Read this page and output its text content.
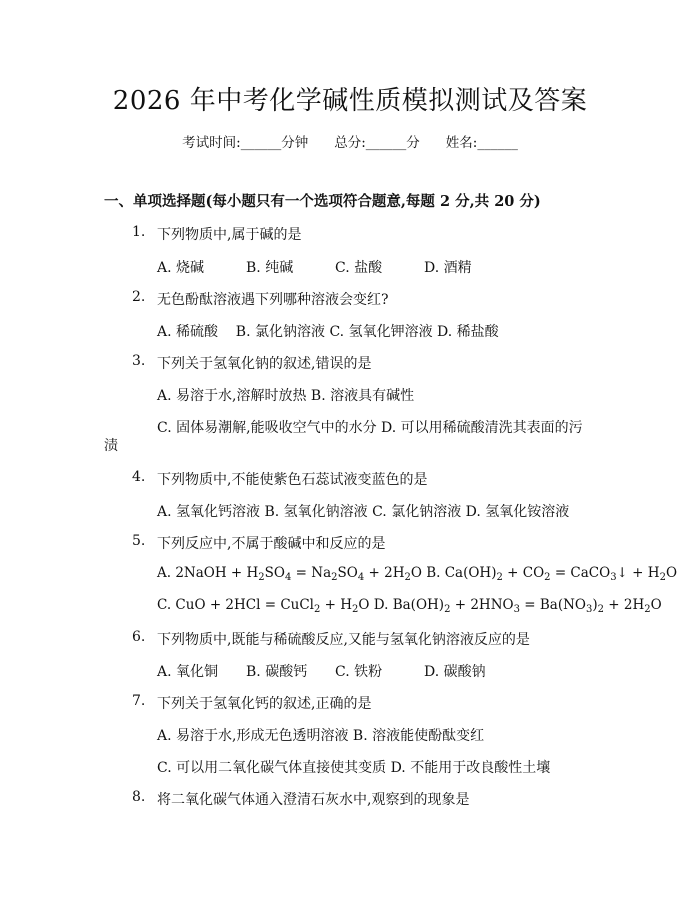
2026 年中考化学碱性质模拟测试及答案
考试时间:______分钟 总分:______分 姓名:______
一、单项选择题(每小题只有一个选项符合题意,每题 2 分,共 20 分)
1. 下列物质中,属于碱的是
A. 烧碱	B. 纯碱	C. 盐酸	D. 酒精
2. 无色酚酞溶液遇下列哪种溶液会变红?
A. 稀硫酸    B. 氯化钠溶液 C. 氢氧化钾溶液 D. 稀盐酸
3. 下列关于氢氧化钠的叙述,错误的是
A. 易溶于水,溶解时放热 B. 溶液具有碱性
C. 固体易潮解,能吸收空气中的水分 D. 可以用稀硫酸清洗其表面的污
渍
4. 下列物质中,不能使紫色石蕊试液变蓝色的是
A. 氢氧化钙溶液 B. 氢氧化钠溶液 C. 氯化钠溶液 D. 氢氧化铵溶液
5. 下列反应中,不属于酸碱中和反应的是
A. 2NaOH + $H_2SO_4 = Na_2SO_4 + 2H_2O$ B. $Ca(OH)_2 + CO_2$ = CaCO$_3$↓ + $H_2O$
C. CuO + 2HCl = CuCl$_2$ + $H_2O$ D. $Ba(OH)_2 + 2HNO_3 = Ba(NO_3)_2 + 2H_2O$
6. 下列物质中,既能与稀硫酸反应,又能与氢氧化钠溶液反应的是
A. 氧化铜 B. 碳酸钙 C. 铁粉	D. 碳酸钠
7. 下列关于氢氧化钙的叙述,正确的是
A. 易溶于水,形成无色透明溶液 B. 溶液能使酚酞变红
C. 可以用二氧化碳气体直接使其变质 D. 不能用于改良酸性土壤
8. 将二氧化碳气体通入澄清石灰水中,观察到的现象是
